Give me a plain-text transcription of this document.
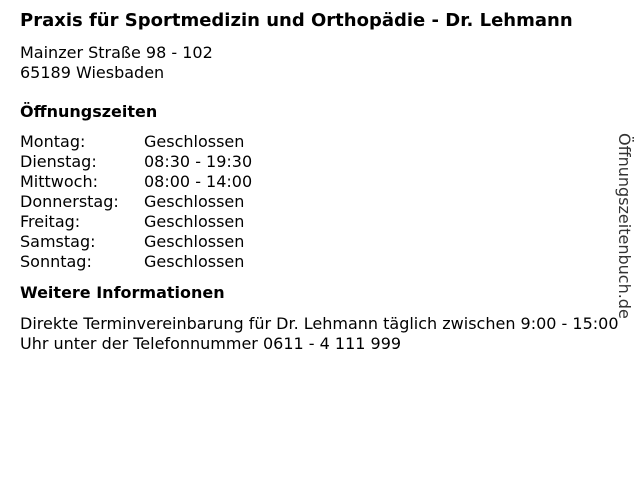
Praxis für Sportmedizin und Orthopädie - Dr. Lehmann
Mainzer Straße 98 - 102
65189 Wiesbaden
Öffnungszeiten
Montag:	Geschlossen
Dienstag:	08:30 - 19:30
Mittwoch:	08:00 - 14:00
Donnerstag:	Geschlossen
Freitag:	Geschlossen
Samstag:	Geschlossen
Sonntag:	Geschlossen
Weitere Informationen
Direkte Terminvereinbarung für Dr. Lehmann täglich zwischen 9:00 - 15:00 Uhr unter der Telefonnummer 0611 - 4 111 999
Öffnungszeitenbuch.de
